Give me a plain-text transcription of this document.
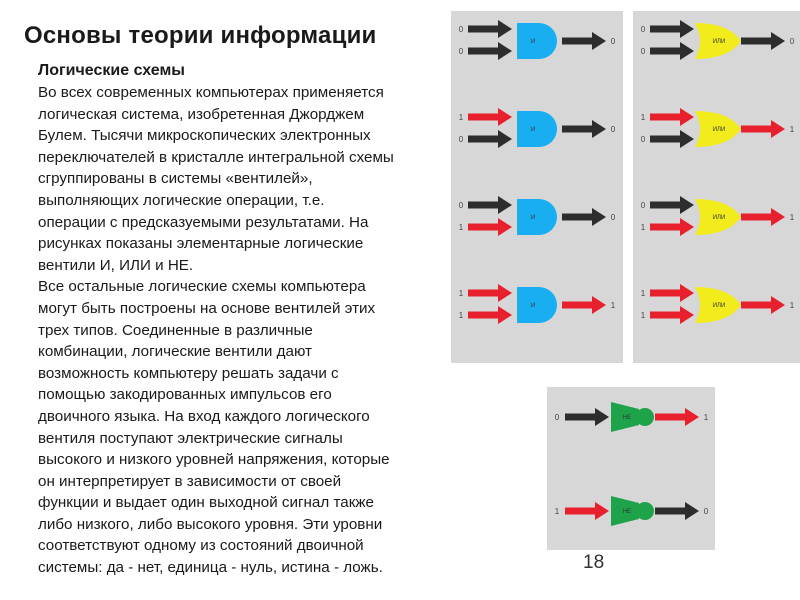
Основы теории информации
Логические схемы
Во всех современных компьютерах применяется
логическая система, изобретенная Джорджем
Булем. Тысячи микроскопических электронных
переключателей в кристалле интегральной схемы
сгруппированы в системы «вентилей»,
выполняющих логические операции, т.е.
операции с предсказуемыми результатами. На
рисунках показаны элементарные логические
вентили И, ИЛИ и НЕ.
Все остальные логические схемы компьютера
могут быть построены на основе вентилей этих
трех типов. Соединенные в различные
комбинации, логические вентили дают
возможность компьютеру решать задачи с
помощью закодированных импульсов его
двоичного языка. На вход каждого логического
вентиля поступают электрические сигналы
высокого и низкого уровней напряжения, которые
он интерпретирует в зависимости от своей
функции и выдает один выходной сигнал также
либо низкого, либо высокого уровня. Эти уровни
соответствуют одному из состояний двоичной
системы: да - нет, единица - нуль, истина - ложь.
0
0
И	0
1
0
И	0
0
1
И	0
1
1
И	1
0
0
ИЛИ	0
1
0
ИЛИ	1
0
1
ИЛИ	1
1
1
ИЛИ	1
0	НЕ	1
1	НЕ	0
18
